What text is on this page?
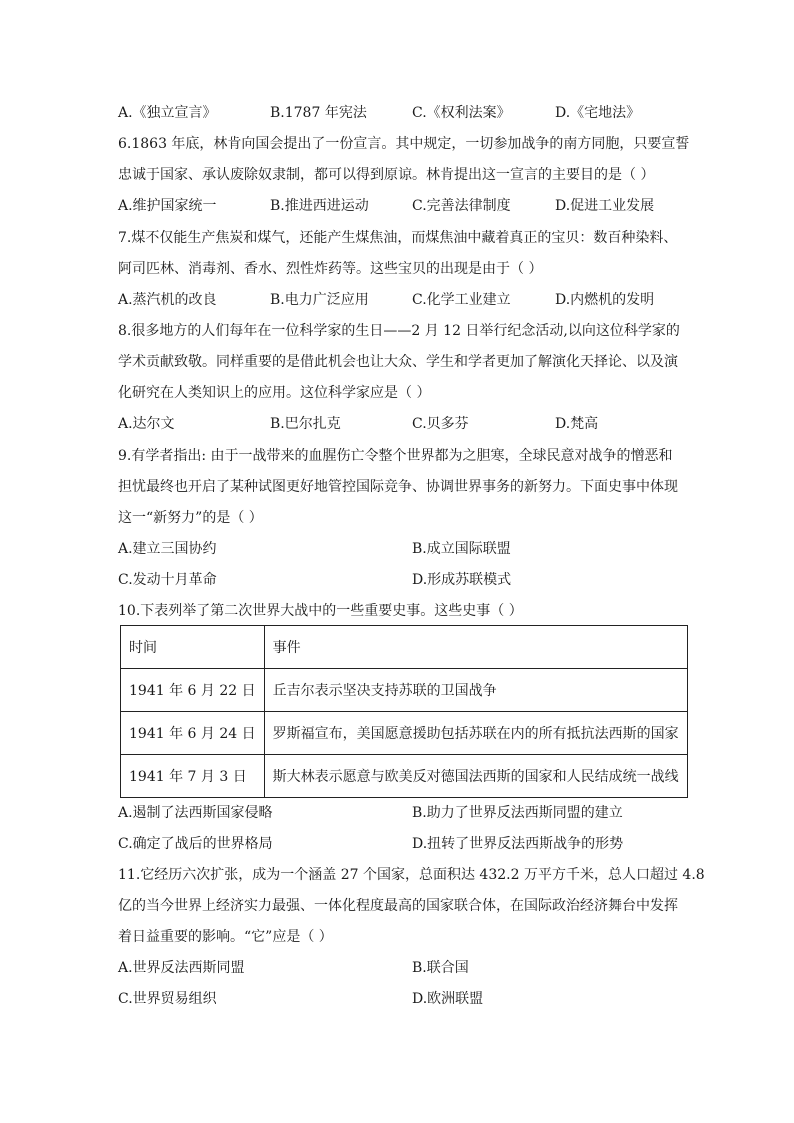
A.《独立宣言》	B.1787 年宪法	C.《权利法案》	D.《宅地法》
6.1863 年底，林肯向国会提出了一份宣言。其中规定，一切参加战争的南方同胞，只要宣誓
忠诚于国家、承认废除奴隶制，都可以得到原谅。林肯提出这一宣言的主要目的是（ ）
A.维护国家统一	B.推进西进运动	C.完善法律制度	D.促进工业发展
7.煤不仅能生产焦炭和煤气，还能产生煤焦油，而煤焦油中藏着真正的宝贝：数百种染料、
阿司匹林、消毒剂、香水、烈性炸药等。这些宝贝的出现是由于（ ）
A.蒸汽机的改良	B.电力广泛应用	C.化学工业建立	D.内燃机的发明
8.很多地方的人们每年在一位科学家的生日——2 月 12 日举行纪念活动,以向这位科学家的
学术贡献致敬。同样重要的是借此机会也让大众、学生和学者更加了解演化天择论、以及演
化研究在人类知识上的应用。这位科学家应是（ ）
A.达尔文	B.巴尔扎克	C.贝多芬	D.梵高
9.有学者指出: 由于一战带来的血腥伤亡令整个世界都为之胆寒，全球民意对战争的憎恶和
担忧最终也开启了某种试图更好地管控国际竞争、协调世界事务的新努力。下面史事中体现
这一“新努力”的是（ ）
A.建立三国协约	B.成立国际联盟
C.发动十月革命	D.形成苏联模式
10.下表列举了第二次世界大战中的一些重要史事。这些史事（ ）
时间	事件
1941 年 6 月 22 日	丘吉尔表示坚决支持苏联的卫国战争
1941 年 6 月 24 日	罗斯福宣布，美国愿意援助包括苏联在内的所有抵抗法西斯的国家
1941 年 7 月 3 日	斯大林表示愿意与欧美反对德国法西斯的国家和人民结成统一战线
A.遏制了法西斯国家侵略	B.助力了世界反法西斯同盟的建立
C.确定了战后的世界格局	D.扭转了世界反法西斯战争的形势
11.它经历六次扩张，成为一个涵盖 27 个国家，总面积达 432.2 万平方千米，总人口超过 4.8
亿的当今世界上经济实力最强、一体化程度最高的国家联合体，在国际政治经济舞台中发挥
着日益重要的影响。“它”应是（ ）
A.世界反法西斯同盟	B.联合国
C.世界贸易组织	D.欧洲联盟
